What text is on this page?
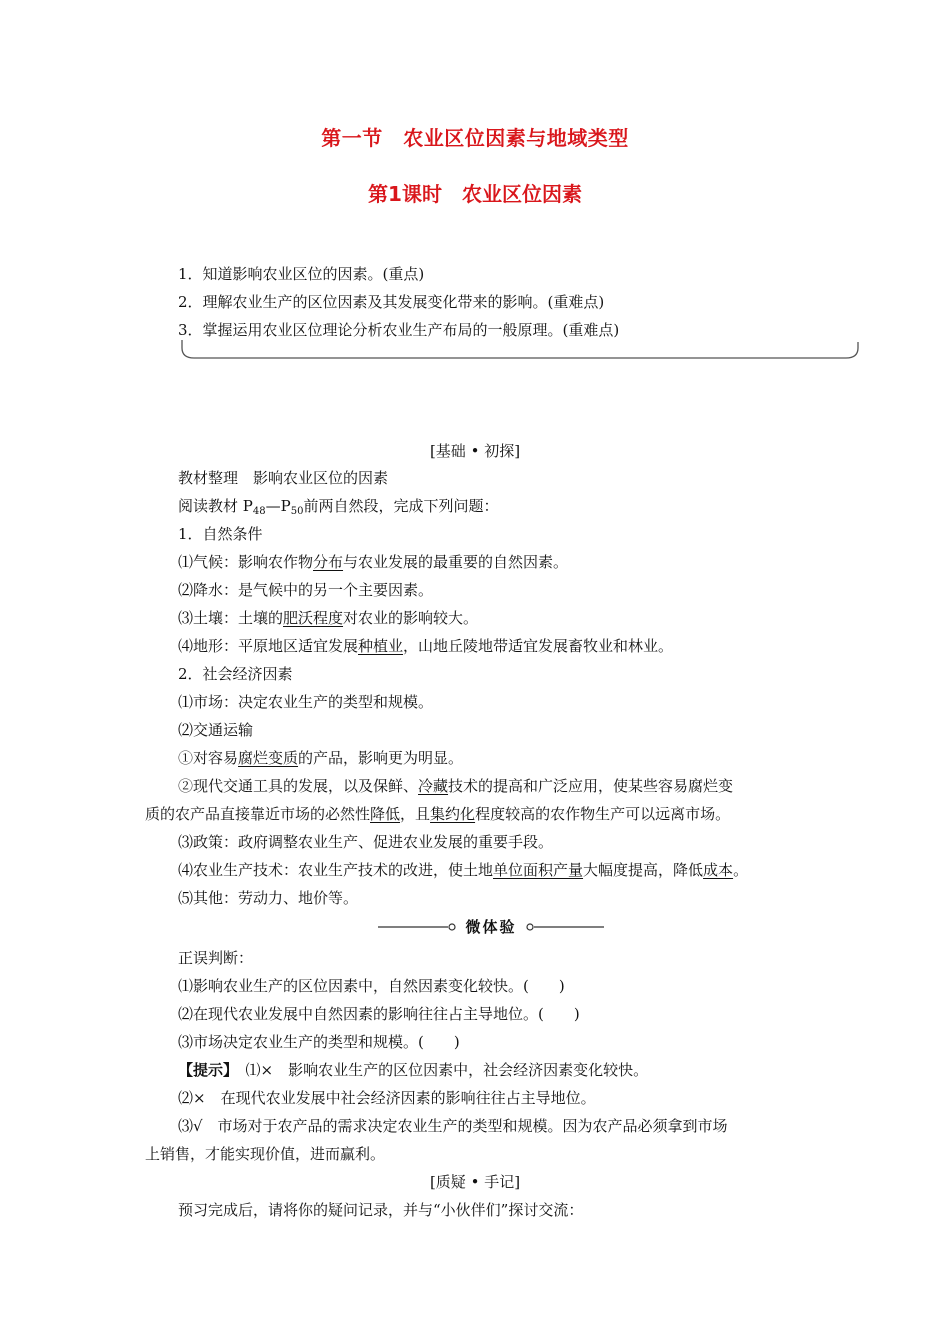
第一节　农业区位因素与地域类型
第1课时　农业区位因素
1．知道影响农业区位的因素。(重点)
2．理解农业生产的区位因素及其发展变化带来的影响。(重难点)
3．掌握运用农业区位理论分析农业生产布局的一般原理。(重难点)
[基础 • 初探]
教材整理　影响农业区位的因素
阅读教材 $P_{48}—P_{50}$前两自然段，完成下列问题：
1．自然条件
⑴气候：影响农作物分布与农业发展的最重要的自然因素。
⑵降水：是气候中的另一个主要因素。
⑶土壤：土壤的肥沃程度对农业的影响较大。
⑷地形：平原地区适宜发展种植业，山地丘陵地带适宜发展畜牧业和林业。
2．社会经济因素
⑴市场：决定农业生产的类型和规模。
⑵交通运输
①对容易腐烂变质的产品，影响更为明显。
②现代交通工具的发展，以及保鲜、冷藏技术的提高和广泛应用，使某些容易腐烂变
质的农产品直接靠近市场的必然性降低，且集约化程度较高的农作物生产可以远离市场。
⑶政策：政府调整农业生产、促进农业发展的重要手段。
⑷农业生产技术：农业生产技术的改进，使土地单位面积产量大幅度提高，降低成本。
⑸其他：劳动力、地价等。
微体验
正误判断：
⑴影响农业生产的区位因素中，自然因素变化较快。(　　)
⑵在现代农业发展中自然因素的影响往往占主导地位。(　　)
⑶市场决定农业生产的类型和规模。(　　)
【提示】　⑴×　影响农业生产的区位因素中，社会经济因素变化较快。
⑵×　在现代农业发展中社会经济因素的影响往往占主导地位。
⑶√　市场对于农产品的需求决定农业生产的类型和规模。因为农产品必须拿到市场
上销售，才能实现价值，进而赢利。
[质疑 • 手记]
预习完成后，请将你的疑问记录，并与“小伙伴们”探讨交流：
